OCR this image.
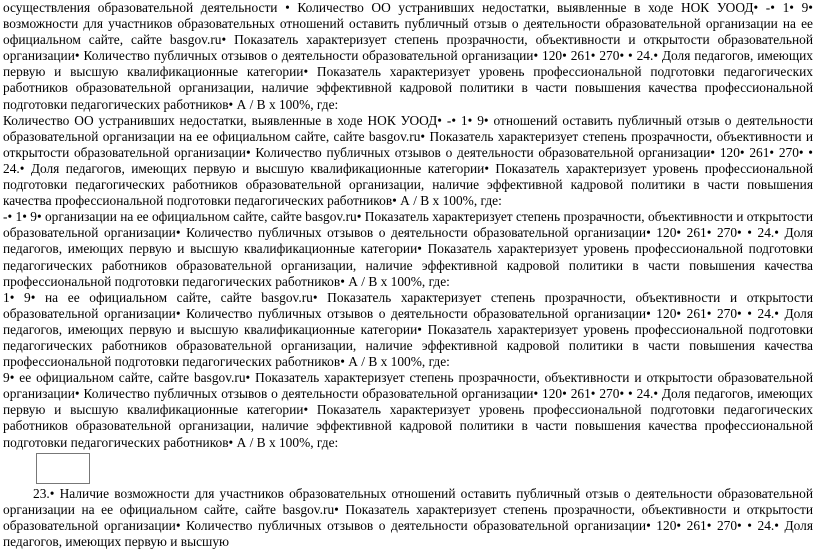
осуществления образовательной деятельности • Количество ОО устранивших недостатки, выявленные в ходе НОК УООД• -• 1• 9• возможности для участников образовательных отношений оставить публичный отзыв о деятельности образовательной организации на ее официальном сайте, сайте basgov.ru• Показатель характеризует степень прозрачности, объективности и открытости образовательной организации• Количество публичных отзывов о деятельности образовательной организации• 120• 261• 270• • 24.• Доля педагогов, имеющих первую и высшую квалификационные категории• Показатель характеризует уровень профессиональной подготовки педагогических работников образовательной организации, наличие эффективной кадровой политики в части повышения качества профессиональной подготовки педагогических работников• А / В х 100%, где:

Количество ОО устранивших недостатки, выявленные в ходе НОК УООД• -• 1• 9• отношений оставить публичный отзыв о деятельности образовательной организации на ее официальном сайте, сайте basgov.ru• Показатель характеризует степень прозрачности, объективности и открытости образовательной организации• Количество публичных отзывов о деятельности образовательной организации• 120• 261• 270• • 24.• Доля педагогов, имеющих первую и высшую квалификационные категории• Показатель характеризует уровень профессиональной подготовки педагогических работников образовательной организации, наличие эффективной кадровой политики в части повышения качества профессиональной подготовки педагогических работников• А / В х 100%, где:

-• 1• 9• организации на ее официальном сайте, сайте basgov.ru• Показатель характеризует степень прозрачности, объективности и открытости образовательной организации• Количество публичных отзывов о деятельности образовательной организации• 120• 261• 270• • 24.• Доля педагогов, имеющих первую и высшую квалификационные категории• Показатель характеризует уровень профессиональной подготовки педагогических работников образовательной организации, наличие эффективной кадровой политики в части повышения качества профессиональной подготовки педагогических работников• А / В х 100%, где:

1• 9• на ее официальном сайте, сайте basgov.ru• Показатель характеризует степень прозрачности, объективности и открытости образовательной организации• Количество публичных отзывов о деятельности образовательной организации• 120• 261• 270• • 24.• Доля педагогов, имеющих первую и высшую квалификационные категории• Показатель характеризует уровень профессиональной подготовки педагогических работников образовательной организации, наличие эффективной кадровой политики в части повышения качества профессиональной подготовки педагогических работников• А / В х 100%, где:

9• ее официальном сайте, сайте basgov.ru• Показатель характеризует степень прозрачности, объективности и открытости образовательной организации• Количество публичных отзывов о деятельности образовательной организации• 120• 261• 270• • 24.• Доля педагогов, имеющих первую и высшую квалификационные категории• Показатель характеризует уровень профессиональной подготовки педагогических работников образовательной организации, наличие эффективной кадровой политики в части повышения качества профессиональной подготовки педагогических работников• А / В х 100%, где:

23.• Наличие возможности для участников образовательных отношений оставить публичный отзыв о деятельности образовательной организации на ее официальном сайте, сайте basgov.ru• Показатель характеризует степень прозрачности, объективности и открытости образовательной организации• Количество публичных отзывов о деятельности образовательной организации• 120• 261• 270• • 24.• Доля педагогов, имеющих первую и высшую
